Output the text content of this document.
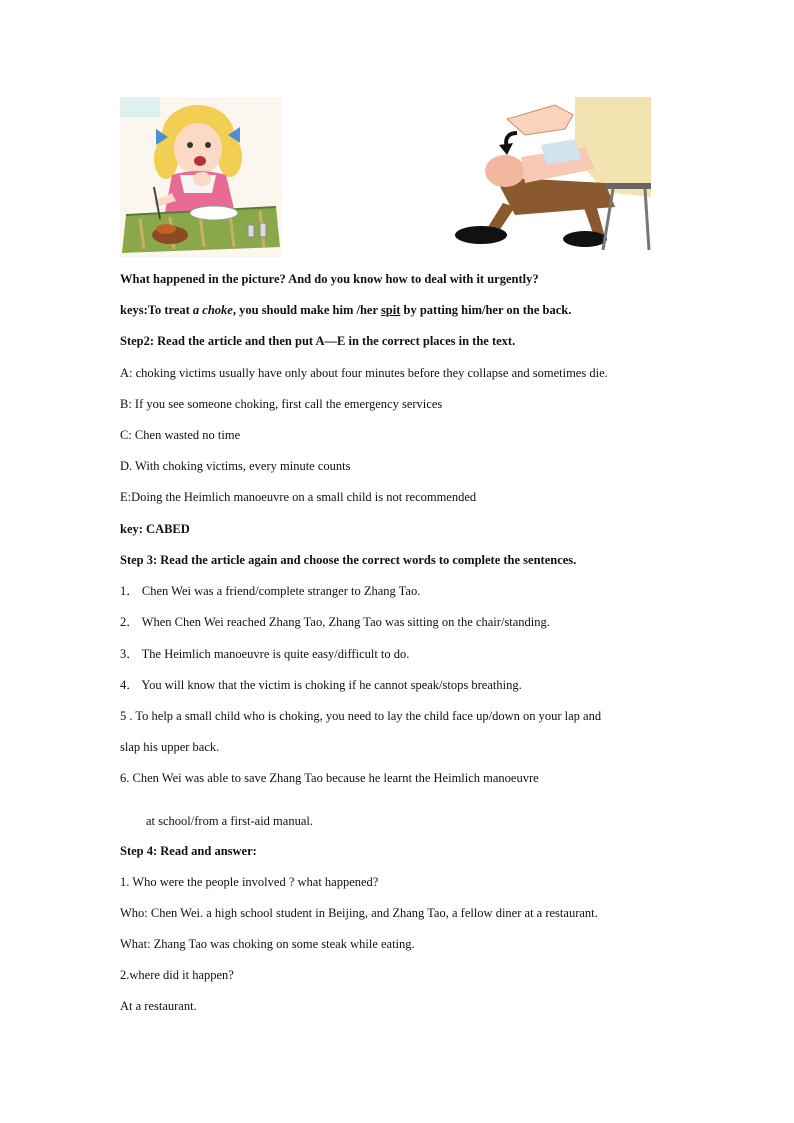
What happened in the picture? And do you know how to deal with it urgently?
keys:To treat a choke, you should make him /her spit by patting him/her on the back.
Step2: Read the article and then put A—E in the correct places in the text.
A: choking victims usually have only about four minutes before they collapse and sometimes die.
B: If you see someone choking, first call the emergency services
C: Chen wasted no time
D. With choking victims, every minute counts
E:Doing the Heimlich manoeuvre on a small child is not recommended
key: CABED
Step 3: Read the article again and choose the correct words to complete the sentences.
1． Chen Wei was a friend/complete stranger to Zhang Tao.
2． When Chen Wei reached Zhang Tao, Zhang Tao was sitting on the chair/standing.
3． The Heimlich manoeuvre is quite easy/difficult to do.
4． You will know that the victim is choking if he cannot speak/stops breathing.
5 . To help a small child who is choking, you need to lay the child face up/down on your lap and
slap his upper back.
6. Chen Wei was able to save Zhang Tao because he learnt the Heimlich manoeuvre
at school/from a first-aid manual.
Step 4: Read and answer:
1. Who were the people involved ? what happened?
Who: Chen Wei. a high school student in Beijing, and Zhang Tao, a fellow diner at a restaurant.
What: Zhang Tao was choking on some steak while eating.
2.where did it happen?
At a restaurant.
